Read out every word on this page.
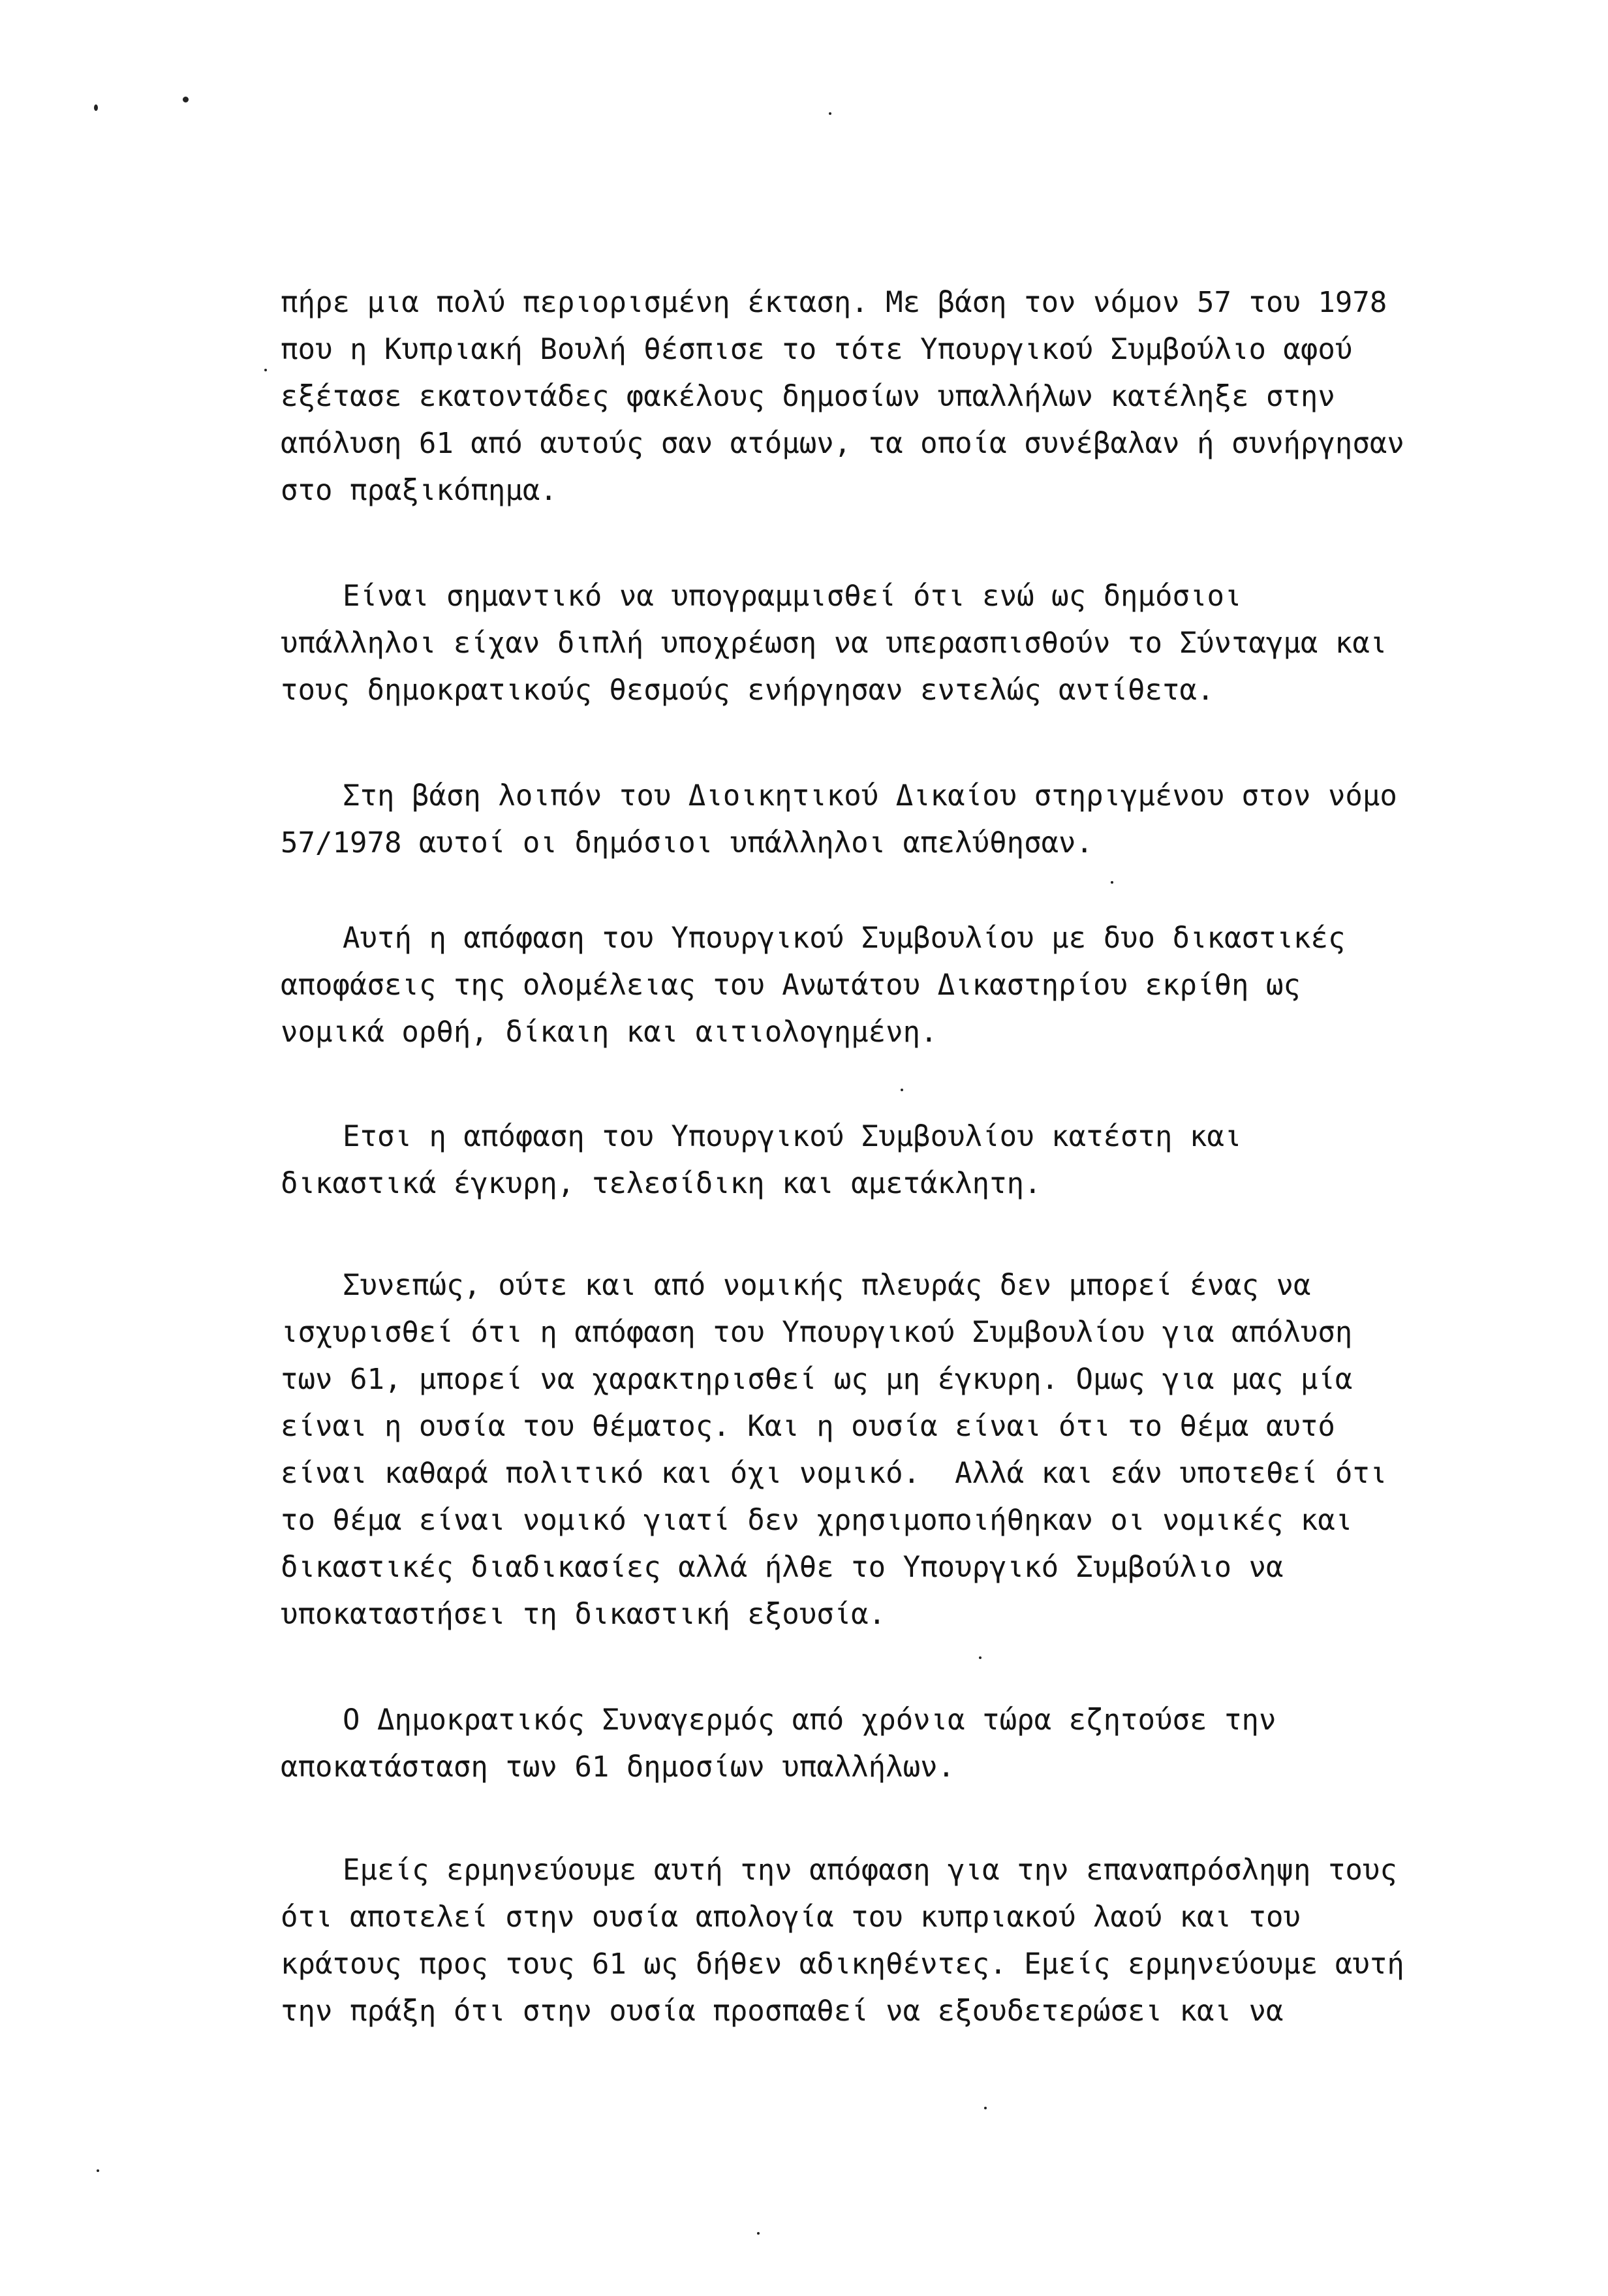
πήρε μια πολύ περιορισμένη έκταση. Με βάση τον νόμον 57 του 1978
που η Κυπριακή Βουλή θέσπισε το τότε Υπουργικού Συμβούλιο αφού
εξέτασε εκατοντάδες φακέλους δημοσίων υπαλλήλων κατέληξε στην
απόλυση 61 από αυτούς σαν ατόμων, τα οποία συνέβαλαν ή συνήργησαν
στο πραξικόπημα.
Είναι σημαντικό να υπογραμμισθεί ότι ενώ ως δημόσιοι
υπάλληλοι είχαν διπλή υποχρέωση να υπερασπισθούν το Σύνταγμα και
τους δημοκρατικούς θεσμούς ενήργησαν εντελώς αντίθετα.
Στη βάση λοιπόν του Διοικητικού Δικαίου στηριγμένου στον νόμο
57/1978 αυτοί οι δημόσιοι υπάλληλοι απελύθησαν.
Αυτή η απόφαση του Υπουργικού Συμβουλίου με δυο δικαστικές
αποφάσεις της ολομέλειας του Ανωτάτου Δικαστηρίου εκρίθη ως
νομικά ορθή, δίκαιη και αιτιολογημένη.
Ετσι η απόφαση του Υπουργικού Συμβουλίου κατέστη και
δικαστικά έγκυρη, τελεσίδικη και αμετάκλητη.
Συνεπώς, ούτε και από νομικής πλευράς δεν μπορεί ένας να
ισχυρισθεί ότι η απόφαση του Υπουργικού Συμβουλίου για απόλυση
των 61, μπορεί να χαρακτηρισθεί ως μη έγκυρη. Ομως για μας μία
είναι η ουσία του θέματος. Και η ουσία είναι ότι το θέμα αυτό
είναι καθαρά πολιτικό και όχι νομικό.  Αλλά και εάν υποτεθεί ότι
το θέμα είναι νομικό γιατί δεν χρησιμοποιήθηκαν οι νομικές και
δικαστικές διαδικασίες αλλά ήλθε το Υπουργικό Συμβούλιο να
υποκαταστήσει τη δικαστική εξουσία.
Ο Δημοκρατικός Συναγερμός από χρόνια τώρα εζητούσε την
αποκατάσταση των 61 δημοσίων υπαλλήλων.
Εμείς ερμηνεύουμε αυτή την απόφαση για την επαναπρόσληψη τους
ότι αποτελεί στην ουσία απολογία του κυπριακού λαού και του
κράτους προς τους 61 ως δήθεν αδικηθέντες. Εμείς ερμηνεύουμε αυτή
την πράξη ότι στην ουσία προσπαθεί να εξουδετερώσει και να
